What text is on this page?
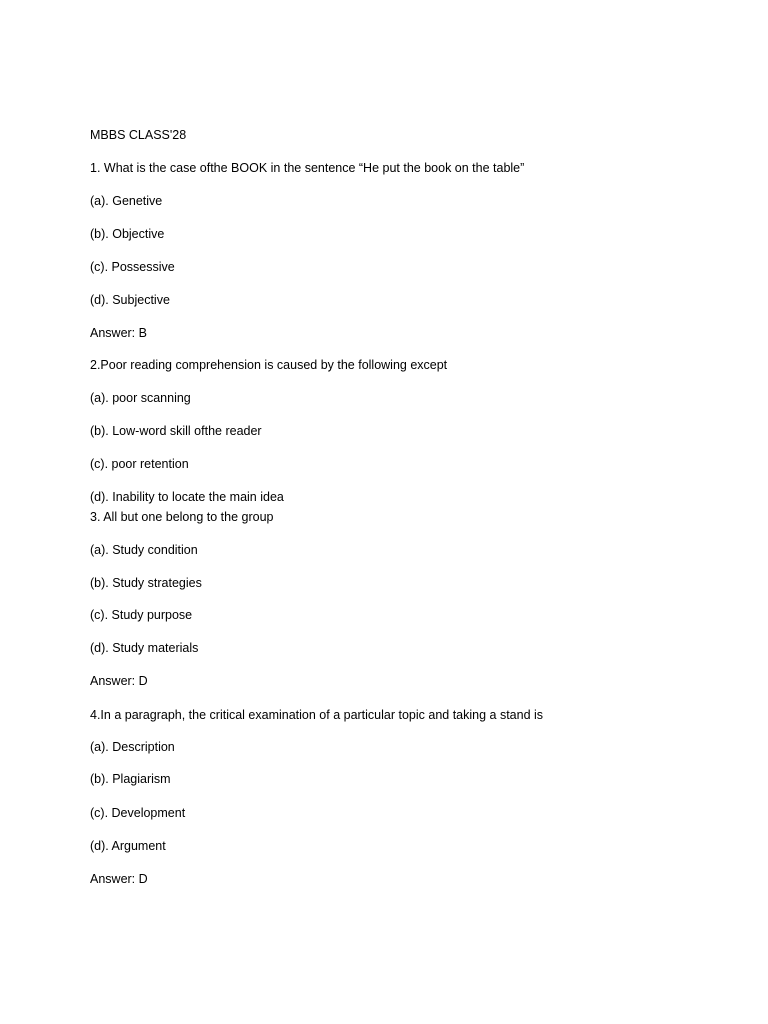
MBBS CLASS'28

1. What is the case ofthe BOOK in the sentence “He put the book on the table”

(a). Genetive

(b). Objective

(c). Possessive

(d). Subjective

Answer: B

2.Poor reading comprehension is caused by the following except

(a). poor scanning

(b). Low-word skill ofthe reader

(c). poor retention

(d). Inability to locate the main idea

3. All but one belong to the group

(a). Study condition

(b). Study strategies

(c). Study purpose

(d). Study materials

Answer: D

4.In a paragraph, the critical examination of a particular topic and taking a stand is

(a). Description

(b). Plagiarism

(c). Development

(d). Argument

Answer: D
